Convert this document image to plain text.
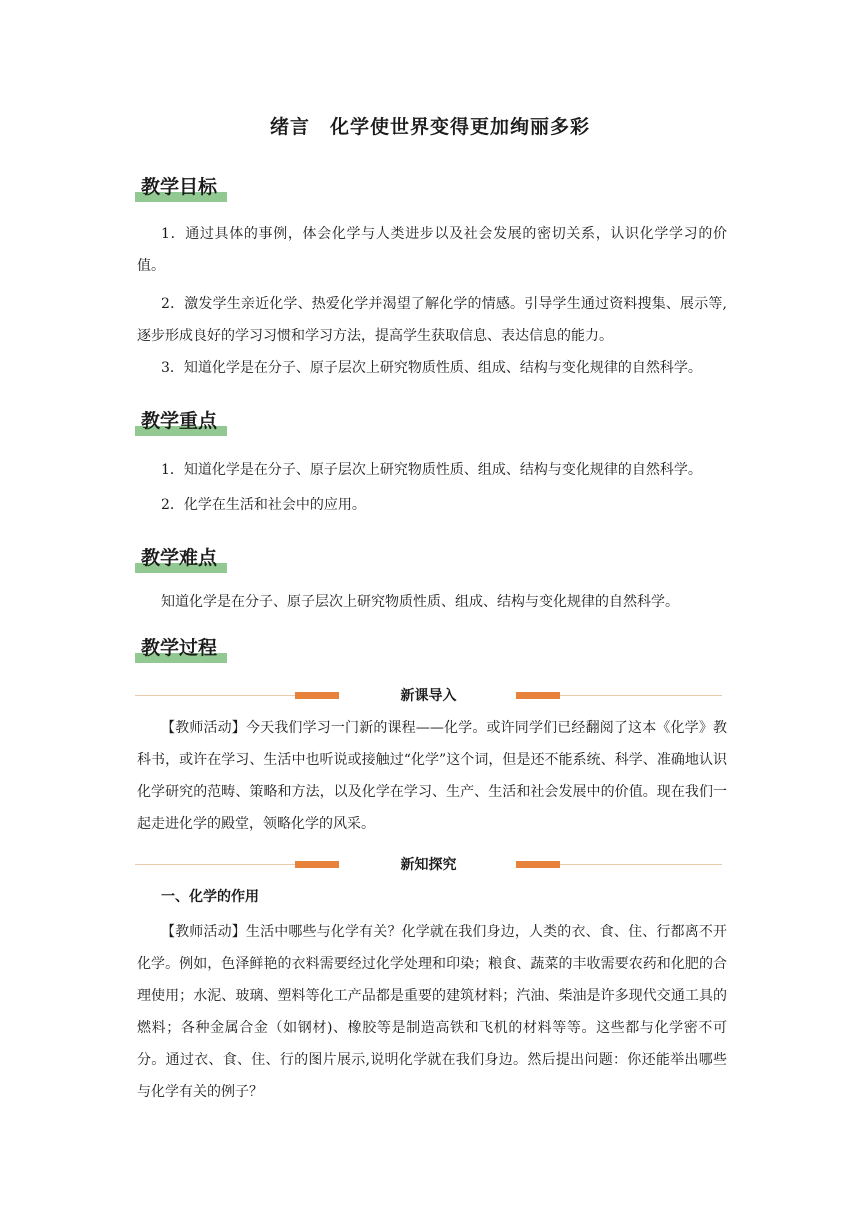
绪言　化学使世界变得更加绚丽多彩
教学目标
1．通过具体的事例，体会化学与人类进步以及社会发展的密切关系，认识化学学习的价值。
2．激发学生亲近化学、热爱化学并渴望了解化学的情感。引导学生通过资料搜集、展示等,逐步形成良好的学习习惯和学习方法，提高学生获取信息、表达信息的能力。
3．知道化学是在分子、原子层次上研究物质性质、组成、结构与变化规律的自然科学。
教学重点
1．知道化学是在分子、原子层次上研究物质性质、组成、结构与变化规律的自然科学。
2．化学在生活和社会中的应用。
教学难点
知道化学是在分子、原子层次上研究物质性质、组成、结构与变化规律的自然科学。
教学过程
新课导入
【教师活动】今天我们学习一门新的课程——化学。或许同学们已经翻阅了这本《化学》教科书，或许在学习、生活中也听说或接触过“化学”这个词，但是还不能系统、科学、准确地认识化学研究的范畴、策略和方法，以及化学在学习、生产、生活和社会发展中的价值。现在我们一起走进化学的殿堂，领略化学的风采。
新知探究
一、化学的作用
【教师活动】生活中哪些与化学有关？化学就在我们身边，人类的衣、食、住、行都离不开化学。例如，色泽鲜艳的衣料需要经过化学处理和印染；粮食、蔬菜的丰收需要农药和化肥的合理使用；水泥、玻璃、塑料等化工产品都是重要的建筑材料；汽油、柴油是许多现代交通工具的燃料；各种金属合金（如钢材)、橡胶等是制造高铁和飞机的材料等等。这些都与化学密不可分。通过衣、食、住、行的图片展示,说明化学就在我们身边。然后提出问题：你还能举出哪些与化学有关的例子？
